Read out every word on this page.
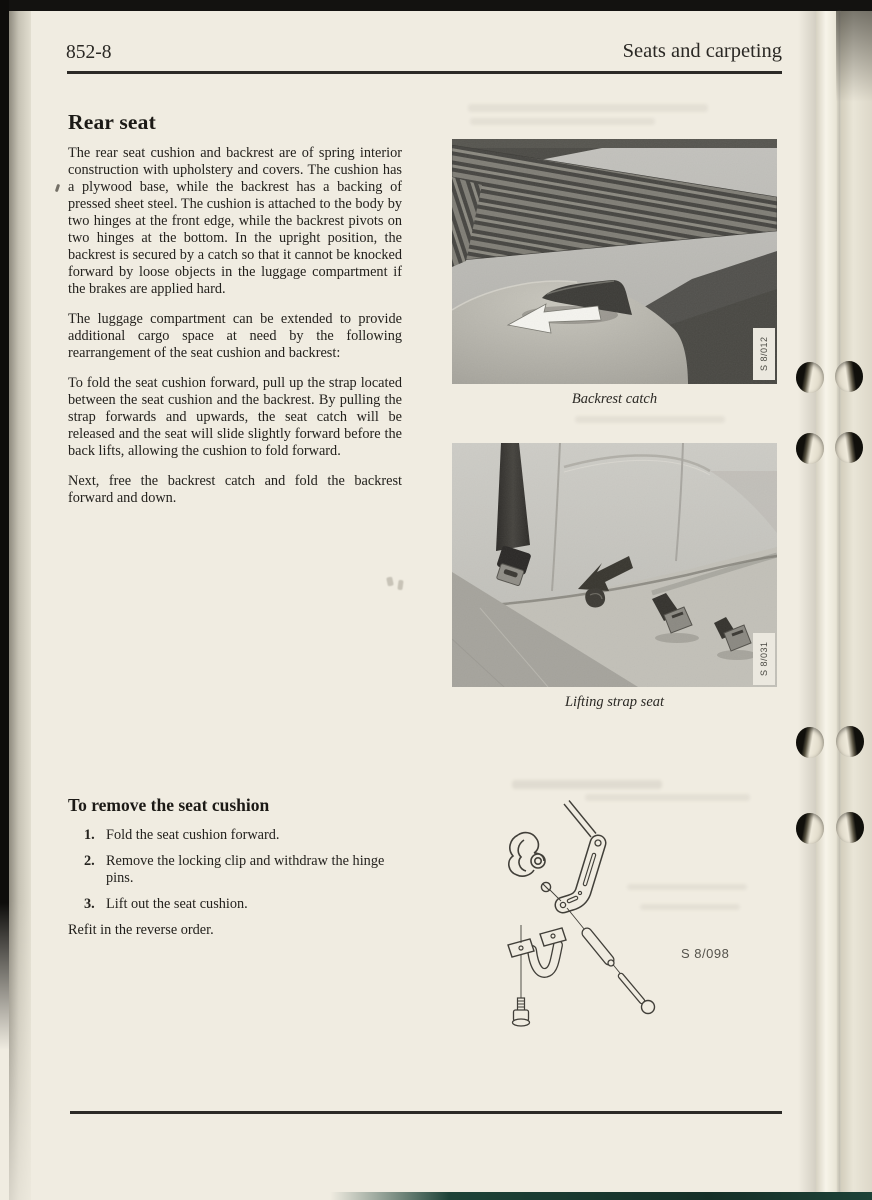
852-8	Seats and carpeting
Rear seat

The rear seat cushion and backrest are of spring interior construction with upholstery and covers. The cushion has a plywood base, while the backrest has a backing of pressed sheet steel. The cushion is attached to the body by two hinges at the front edge, while the backrest pivots on two hinges at the bottom. In the upright position, the backrest is secured by a catch so that it cannot be knocked forward by loose objects in the luggage compartment if the brakes are applied hard.

The luggage compartment can be extended to provide additional cargo space at need by the following rearrangement of the seat cushion and backrest:

To fold the seat cushion forward, pull up the strap located between the seat cushion and the backrest. By pulling the strap forwards and upwards, the seat catch will be released and the seat will slide slightly forward before the back lifts, allowing the cushion to fold forward.

Next, free the backrest catch and fold the backrest forward and down.

S 8/012
Backrest catch
S 8/031
Lifting strap seat
To remove the seat cushion
1. Fold the seat cushion forward.
2. Remove the locking clip and withdraw the hinge pins.
3. Lift out the seat cushion.
Refit in the reverse order.
S 8/098
